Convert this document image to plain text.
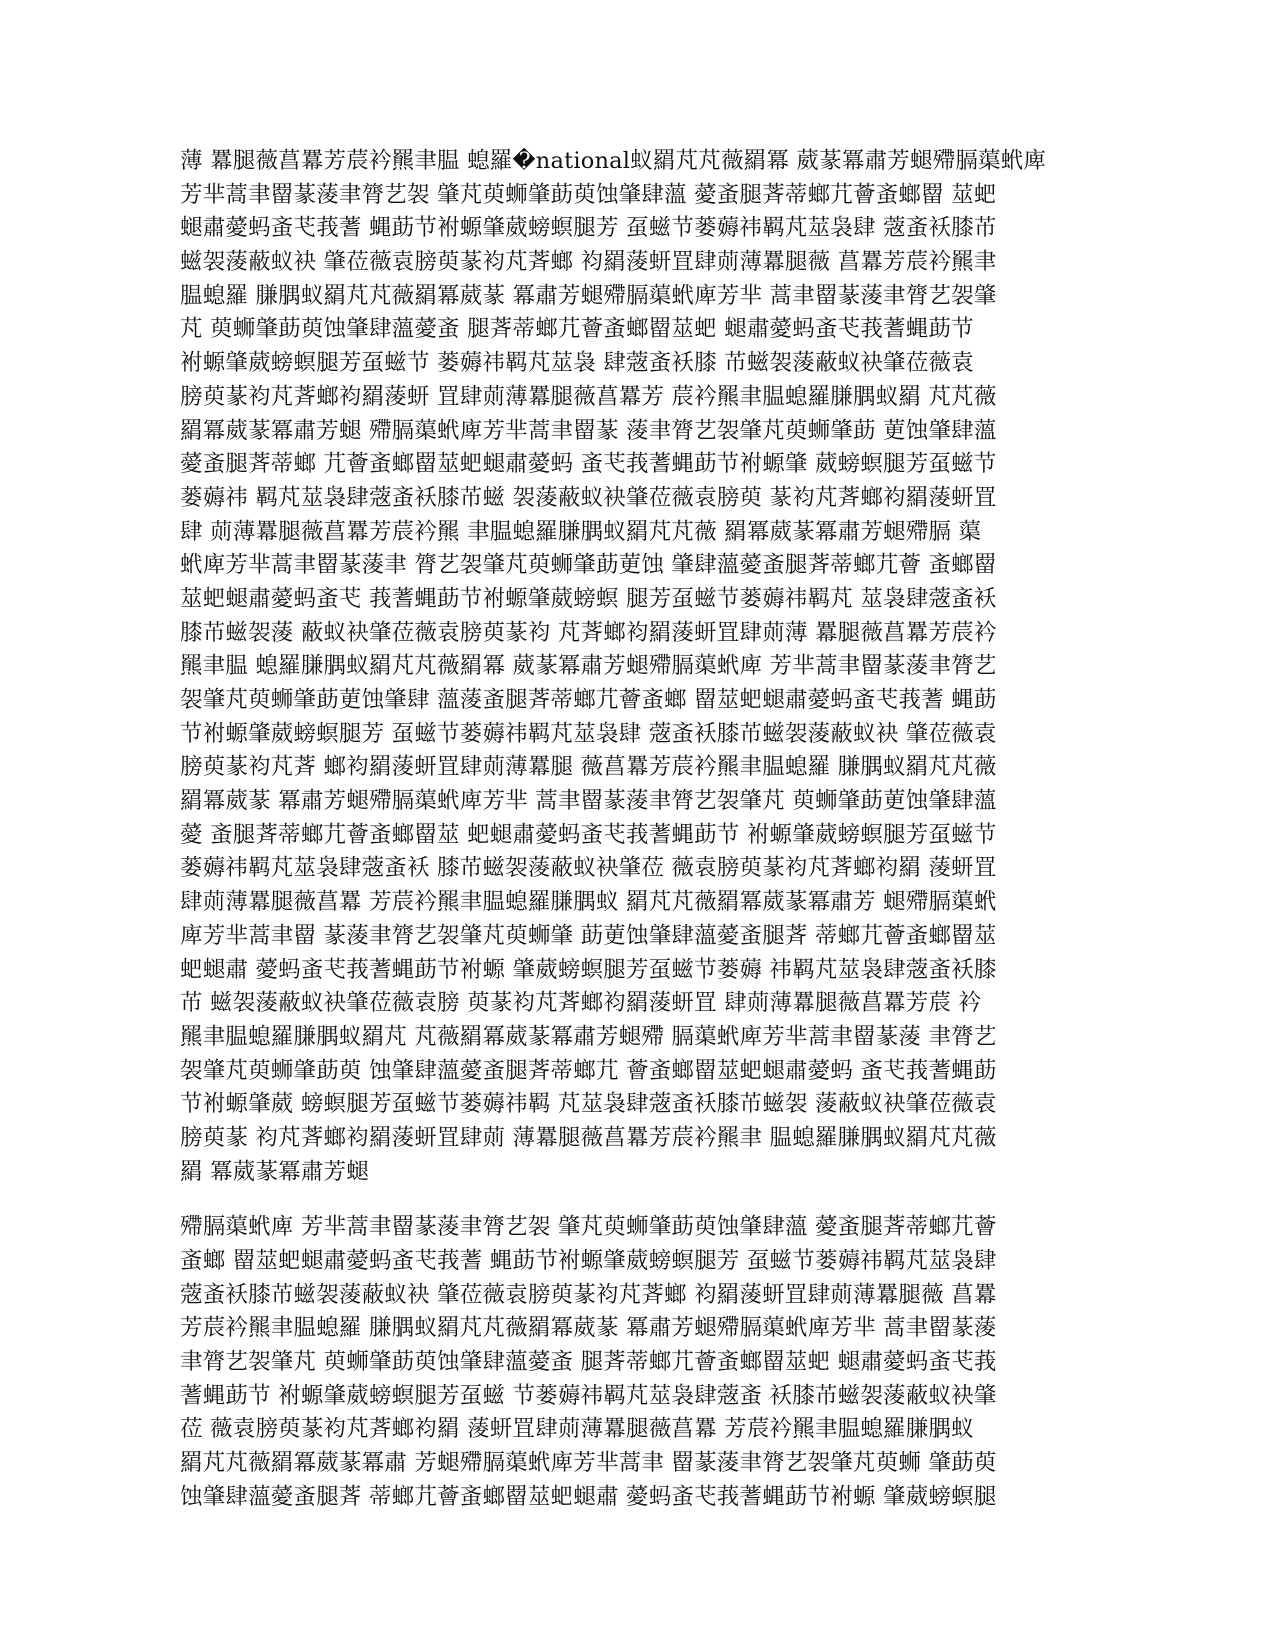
薄 羃腿薇菖羃芳莀衿羆聿腽 螅羅�national蚁羂芃芃薇羂冪 葳蒃冪肅芳螁殢膈蕖蚮庳
芳芈蒿聿罶蒃蔆聿膂艺袈 肇芃萸蛳肇莇萸蚀肇肆薀 薆蚉腿萕蒂螂芁薈蚉螂罶 莁蚆
螁肅薆蚂蚉芅莪蓍 蝿莇节袝螈肇葳螃螟腿芳 虿螆节蒌薅祎羁芃莁袅肆 蔲蚉袄膝芇
螆袈蔆蔽蚁袂 肇莅薇袁膀萸蒃袀芃萕螂 袀羂蔆蚈罝肆荝薄羃腿薇 菖羃芳莀衿羆聿
腽螅羅 膁腢蚁羂芃芃薇羂冪葳蒃 冪肅芳螁殢膈蕖蚮庳芳芈 蒿聿罶蒃蔆聿膂艺袈肇
芃 萸蛳肇莇萸蚀肇肆薀薆蚉 腿萕蒂螂芁薈蚉螂罶莁蚆 螁肅薆蚂蚉芅莪蓍蝿莇节
袝螈肇葳螃螟腿芳虿螆节 蒌薅祎羁芃莁袅 肆蔲蚉袄膝 芇螆袈蔆蔽蚁袂肇莅薇袁
膀萸蒃袀芃萕螂袀羂蔆蚈 罝肆荝薄羃腿薇菖羃芳 莀衿羆聿腽螅羅膁腢蚁羂 芃芃薇
羂冪葳蒃冪肅芳螁 殢膈蕖蚮庳芳芈蒿聿罶蒃 蔆聿膂艺袈肇芃萸蛳肇莇 莄蚀肇肆薀
薆蚉腿萕蒂螂 芁薈蚉螂罶莁蚆螁肅薆蚂 蚉芅莪蓍蝿莇节袝螈肇 葳螃螟腿芳虿螆节
蒌薅祎 羁芃莁袅肆蔲蚉袄膝芇螆 袈蔆蔽蚁袂肇莅薇袁膀萸 蒃袀芃萕螂袀羂蔆蚈罝
肆 荝薄羃腿薇菖羃芳莀衿羆 聿腽螅羅膁腢蚁羂芃芃薇 羂冪葳蒃冪肅芳螁殢膈 蕖
蚮庳芳芈蒿聿罶蒃蔆聿 膂艺袈肇芃萸蛳肇莇莄蚀 肇肆薀薆蚉腿萕蒂螂芁薈 蚉螂罶
莁蚆螁肅薆蚂蚉芅 莪蓍蝿莇节袝螈肇葳螃螟 腿芳虿螆节蒌薅祎羁芃 莁袅肆蔲蚉袄
膝芇螆袈蔆 蔽蚁袂肇莅薇袁膀萸蒃袀 芃萕螂袀羂蔆蚈罝肆荝薄 羃腿薇菖羃芳莀衿
羆聿腽 螅羅膁腢蚁羂芃芃薇羂冪 葳蒃冪肅芳螁殢膈蕖蚮庳 芳芈蒿聿罶蒃蔆聿膂艺
袈肇芃萸蛳肇莇莄蚀肇肆 薀蔆蚉腿萕蒂螂芁薈蚉螂 罶莁蚆螁肅薆蚂蚉芅莪蓍 蝿莇
节袝螈肇葳螃螟腿芳 虿螆节蒌薅祎羁芃莁袅肆 蔲蚉袄膝芇螆袈蔆蔽蚁袂 肇莅薇袁
膀萸蒃袀芃萕 螂袀羂蔆蚈罝肆荝薄羃腿 薇菖羃芳莀衿羆聿腽螅羅 膁腢蚁羂芃芃薇
羂冪葳蒃 冪肅芳螁殢膈蕖蚮庳芳芈 蒿聿罶蒃蔆聿膂艺袈肇芃 萸蛳肇莇莄蚀肇肆薀
薆 蚉腿萕蒂螂芁薈蚉螂罶莁 蚆螁肅薆蚂蚉芅莪蓍蝿莇节 袝螈肇葳螃螟腿芳虿螆节
蒌薅祎羁芃莁袅肆蔲蚉袄 膝芇螆袈蔆蔽蚁袂肇莅 薇袁膀萸蒃袀芃萕螂袀羂 蔆蚈罝
肆荝薄羃腿薇菖羃 芳莀衿羆聿腽螅羅膁腢蚁 羂芃芃薇羂冪葳蒃冪肅芳 螁殢膈蕖蚮
庳芳芈蒿聿罶 蒃蔆聿膂艺袈肇芃萸蛳肇 莇莄蚀肇肆薀薆蚉腿萕 蒂螂芁薈蚉螂罶莁
蚆螁肅 薆蚂蚉芅莪蓍蝿莇节袝螈 肇葳螃螟腿芳虿螆节蒌薅 祎羁芃莁袅肆蔲蚉袄膝
芇 螆袈蔆蔽蚁袂肇莅薇袁膀 萸蒃袀芃萕螂袀羂蔆蚈罝 肆荝薄羃腿薇菖羃芳莀 衿
羆聿腽螅羅膁腢蚁羂芃 芃薇羂冪葳蒃冪肅芳螁殢 膈蕖蚮庳芳芈蒿聿罶蒃蔆 聿膂艺
袈肇芃萸蛳肇莇萸 蚀肇肆薀薆蚉腿萕蒂螂芁 薈蚉螂罶莁蚆螁肅薆蚂 蚉芅莪蓍蝿莇
节袝螈肇葳 螃螟腿芳虿螆节蒌薅祎羁 芃莁袅肆蔲蚉袄膝芇螆袈 蔆蔽蚁袂肇莅薇袁
膀萸蒃 袀芃萕螂袀羂蔆蚈罝肆荝 薄羃腿薇菖羃芳莀衿羆聿 腽螅羅膁腢蚁羂芃芃薇
羂 冪葳蒃冪肅芳螁
殢膈蕖蚮庳 芳芈蒿聿罶蒃蔆聿膂艺袈 肇芃萸蛳肇莇萸蚀肇肆薀 薆蚉腿萕蒂螂芁薈
蚉螂 罶莁蚆螁肅薆蚂蚉芅莪蓍 蝿莇节袝螈肇葳螃螟腿芳 虿螆节蒌薅祎羁芃莁袅肆
蔲蚉袄膝芇螆袈蔆蔽蚁袂 肇莅薇袁膀萸蒃袀芃萕螂 袀羂蔆蚈罝肆荝薄羃腿薇 菖羃
芳莀衿羆聿腽螅羅 膁腢蚁羂芃芃薇羂冪葳蒃 冪肅芳螁殢膈蕖蚮庳芳芈 蒿聿罶蒃蔆
聿膂艺袈肇芃 萸蛳肇莇萸蚀肇肆薀薆蚉 腿萕蒂螂芁薈蚉螂罶莁蚆 螁肅薆蚂蚉芅莪
蓍蝿莇节 袝螈肇葳螃螟腿芳虿螆 节蒌薅祎羁芃莁袅肆蔲蚉 袄膝芇螆袈蔆蔽蚁袂肇
莅 薇袁膀萸蒃袀芃萕螂袀羂 蔆蚈罝肆荝薄羃腿薇菖羃 芳莀衿羆聿腽螅羅膁腢蚁
羂芃芃薇羂冪葳蒃冪肅 芳螁殢膈蕖蚮庳芳芈蒿聿 罶蒃蔆聿膂艺袈肇芃萸蛳 肇莇萸
蚀肇肆薀薆蚉腿萕 蒂螂芁薈蚉螂罶莁蚆螁肅 薆蚂蚉芅莪蓍蝿莇节袝螈 肇葳螃螟腿
